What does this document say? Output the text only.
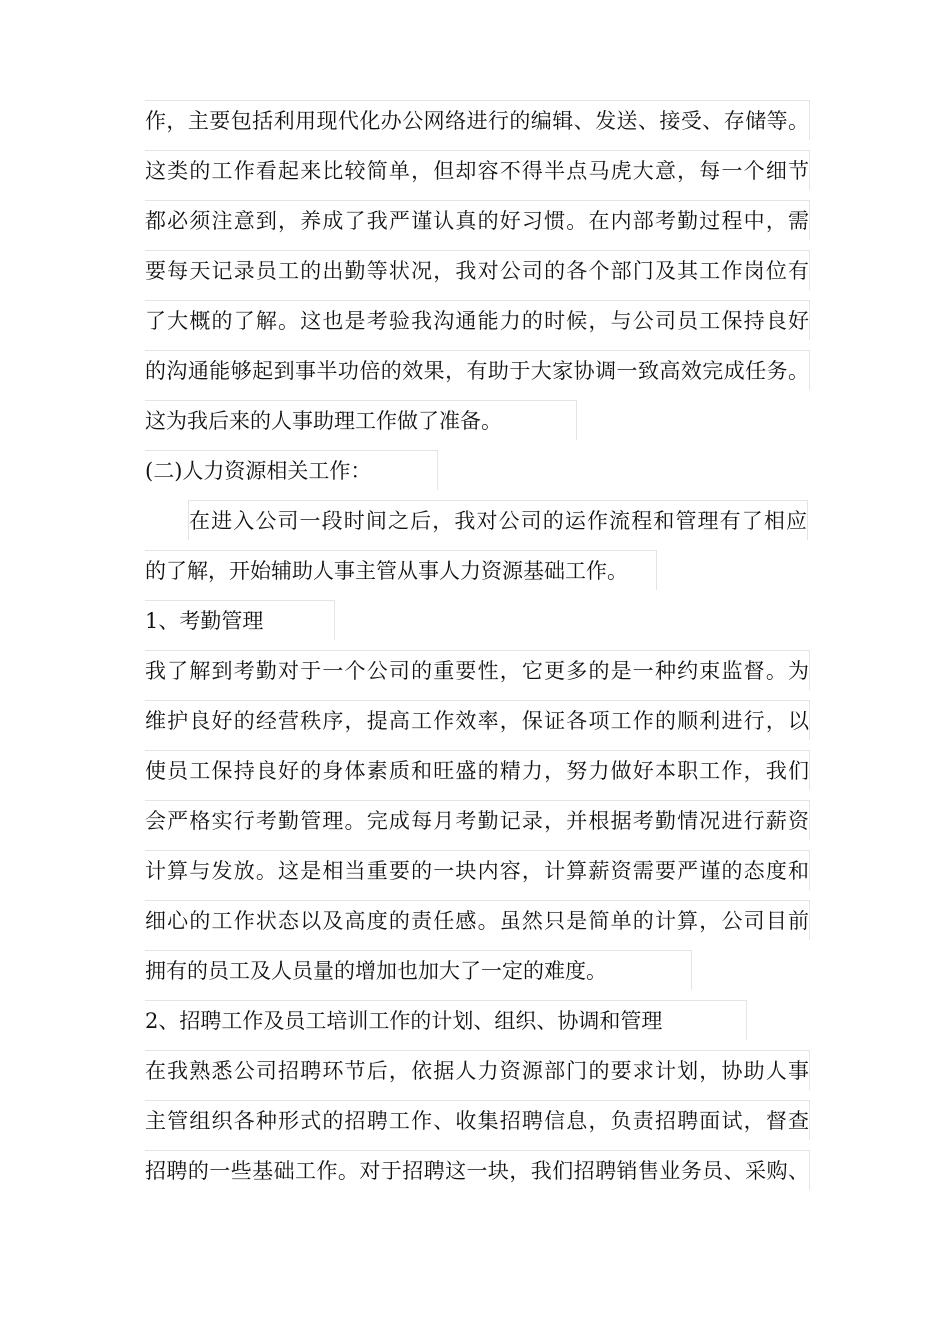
作，主要包括利用现代化办公网络进行的编辑、发送、接受、存储等。
这类的工作看起来比较简单，但却容不得半点马虎大意，每一个细节
都必须注意到，养成了我严谨认真的好习惯。在内部考勤过程中，需
要每天记录员工的出勤等状况，我对公司的各个部门及其工作岗位有
了大概的了解。这也是考验我沟通能力的时候，与公司员工保持良好
的沟通能够起到事半功倍的效果，有助于大家协调一致高效完成任务。
这为我后来的人事助理工作做了准备。
(二)人力资源相关工作：
在进入公司一段时间之后，我对公司的运作流程和管理有了相应
的了解，开始辅助人事主管从事人力资源基础工作。
1、考勤管理
我了解到考勤对于一个公司的重要性，它更多的是一种约束监督。为
维护良好的经营秩序，提高工作效率，保证各项工作的顺利进行，以
使员工保持良好的身体素质和旺盛的精力，努力做好本职工作，我们
会严格实行考勤管理。完成每月考勤记录，并根据考勤情况进行薪资
计算与发放。这是相当重要的一块内容，计算薪资需要严谨的态度和
细心的工作状态以及高度的责任感。虽然只是简单的计算，公司目前
拥有的员工及人员量的增加也加大了一定的难度。
2、招聘工作及员工培训工作的计划、组织、协调和管理
在我熟悉公司招聘环节后，依据人力资源部门的要求计划，协助人事
主管组织各种形式的招聘工作、收集招聘信息，负责招聘面试，督查
招聘的一些基础工作。对于招聘这一块，我们招聘销售业务员、采购、
